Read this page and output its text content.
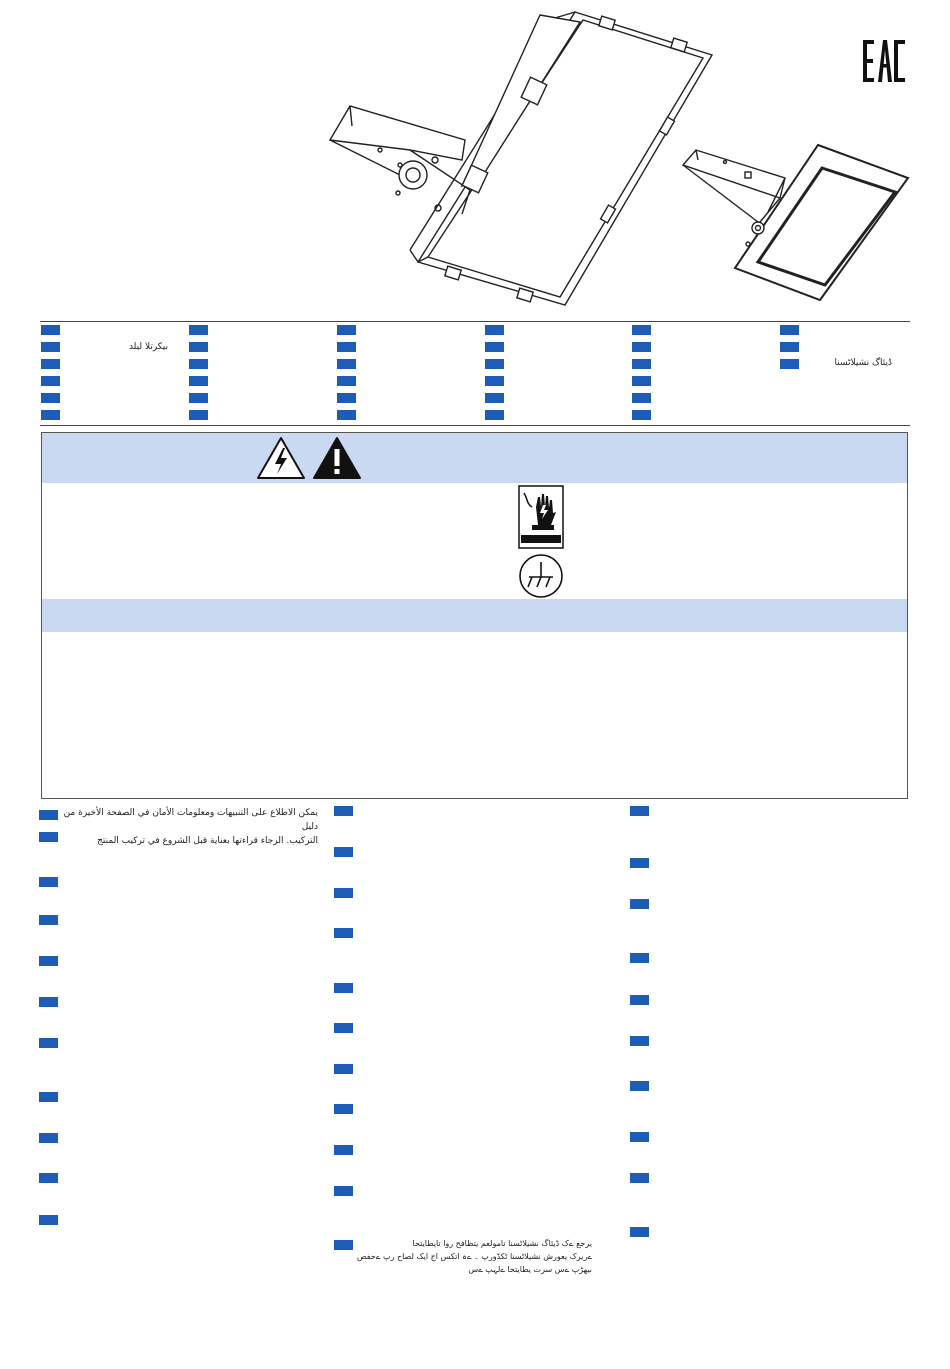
بيكرتلا ليلد
ڈیئاگ نشیلاٹسنا
يمكن الاطلاع على التنبيهات ومعلومات الأمان في الصفحة الأخيرة من دليل
التركيب. الرجاء قراءتها بعناية قبل الشروع في تركيب المنتج
یرجع ےک ڈیئاگ نشیلاٹسنا تامولعم یتظافح روا تایطایتحا
ےریرک یعورش نشیلاٹسنا ٹکڈورپ ۔ ےہ اتکس اج ایک لصاح رپ ےحفص
ںیھڑپ ےس سرت یطایتحا ےلہپ ےس
